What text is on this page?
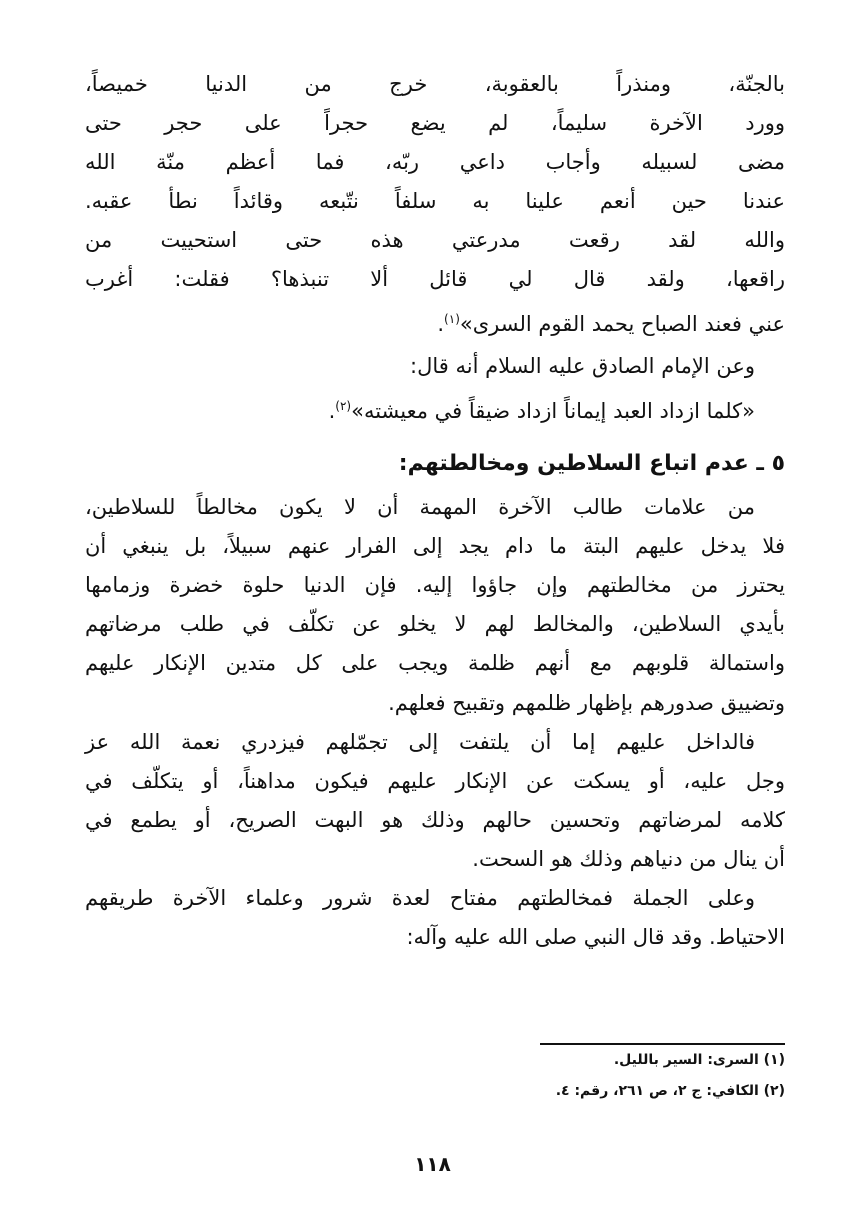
بالجنّة، ومنذراً بالعقوبة، خرج من الدنيا خميصاً،
وورد الآخرة سليماً، لم يضع حجراً على حجر حتى
مضى لسبيله وأجاب داعي ربّه، فما أعظم منّة الله
عندنا حين أنعم علينا به سلفاً نتّبعه وقائداً نطأ عقبه.
والله لقد رقعت مدرعتي هذه حتى استحييت من
راقعها، ولقد قال لي قائل ألا تنبذها؟ فقلت: أغرب
عني فعند الصباح يحمد القوم السرى»$^{(١)}$.
وعن الإمام الصادق عليه السلام أنه قال:
«كلما ازداد العبد إيماناً ازداد ضيقاً في معيشته»$^{(٢)}$.
٥ ـ عدم اتباع السلاطين ومخالطتهم:
من علامات طالب الآخرة المهمة أن لا يكون مخالطاً للسلاطين،
فلا يدخل عليهم البتة ما دام يجد إلى الفرار عنهم سبيلاً، بل ينبغي أن
يحترز من مخالطتهم وإن جاؤوا إليه. فإن الدنيا حلوة خضرة وزمامها
بأيدي السلاطين، والمخالط لهم لا يخلو عن تكلّف في طلب مرضاتهم
واستمالة قلوبهم مع أنهم ظلمة ويجب على كل متدين الإنكار عليهم
وتضييق صدورهم بإظهار ظلمهم وتقبيح فعلهم.
فالداخل عليهم إما أن يلتفت إلى تجمّلهم فيزدري نعمة الله عز
وجل عليه، أو يسكت عن الإنكار عليهم فيكون مداهناً، أو يتكلّف في
كلامه لمرضاتهم وتحسين حالهم وذلك هو البهت الصريح، أو يطمع في
أن ينال من دنياهم وذلك هو السحت.
وعلى الجملة فمخالطتهم مفتاح لعدة شرور وعلماء الآخرة طريقهم
الاحتياط. وقد قال النبي صلى الله عليه وآله:
(١) السرى: السير بالليل.
(٢) الكافي: ج ٢، ص ٢٦١، رقم: ٤.
١١٨
